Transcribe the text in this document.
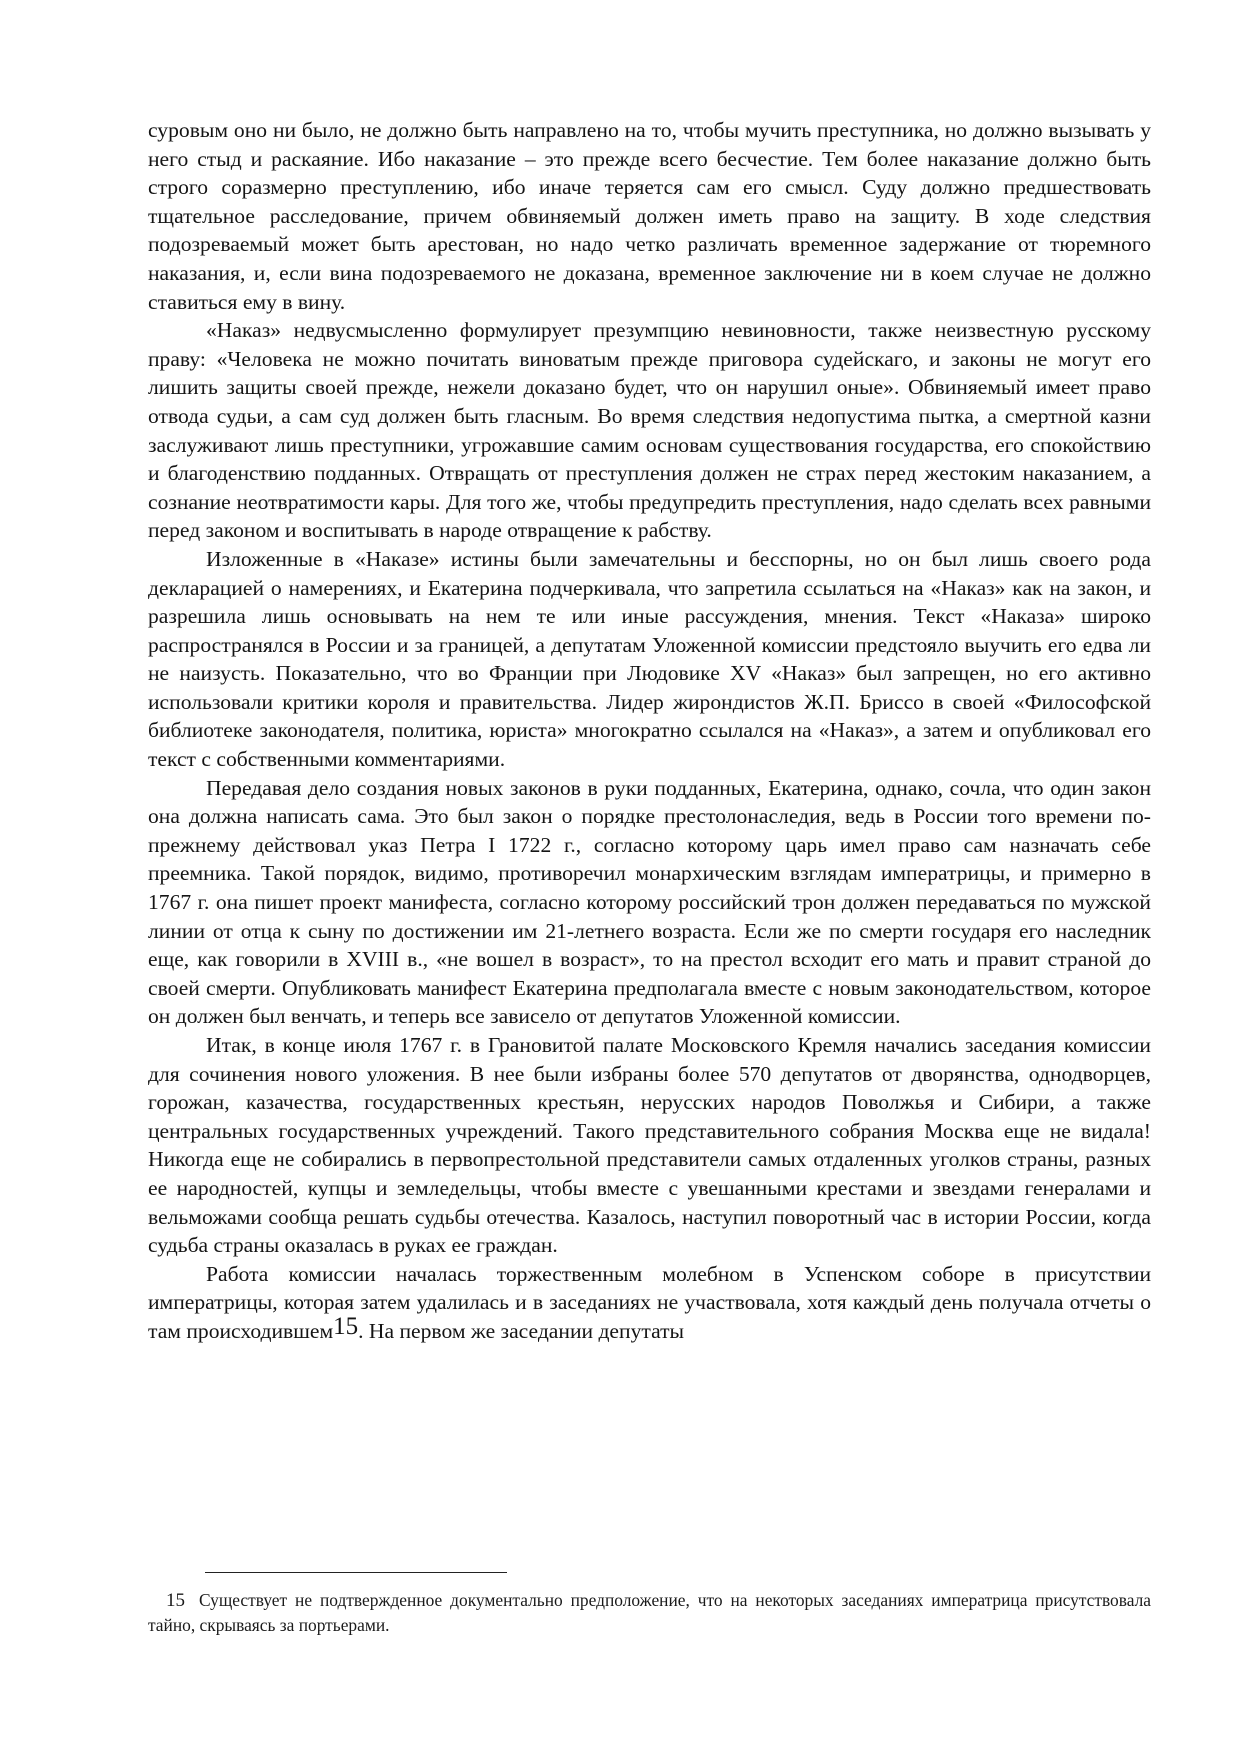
суровым оно ни было, не должно быть направлено на то, чтобы мучить преступника, но должно вызывать у него стыд и раскаяние. Ибо наказание – это прежде всего бесчестие. Тем более наказание должно быть строго соразмерно преступлению, ибо иначе теряется сам его смысл. Суду должно предшествовать тщательное расследование, причем обвиняемый должен иметь право на защиту. В ходе следствия подозреваемый может быть арестован, но надо четко различать временное задержание от тюремного наказания, и, если вина подозреваемого не доказана, временное заключение ни в коем случае не должно ставиться ему в вину.

«Наказ» недвусмысленно формулирует презумпцию невиновности, также неизвестную русскому праву: «Человека не можно почитать виноватым прежде приговора судейскаго, и законы не могут его лишить защиты своей прежде, нежели доказано будет, что он нарушил оные». Обвиняемый имеет право отвода судьи, а сам суд должен быть гласным. Во время следствия недопустима пытка, а смертной казни заслуживают лишь преступники, угрожавшие самим основам существования государства, его спокойствию и благоденствию подданных. Отвращать от преступления должен не страх перед жестоким наказанием, а сознание неотвратимости кары. Для того же, чтобы предупредить преступления, надо сделать всех равными перед законом и воспитывать в народе отвращение к рабству.

Изложенные в «Наказе» истины были замечательны и бесспорны, но он был лишь своего рода декларацией о намерениях, и Екатерина подчеркивала, что запретила ссылаться на «Наказ» как на закон, и разрешила лишь основывать на нем те или иные рассуждения, мнения. Текст «Наказа» широко распространялся в России и за границей, а депутатам Уложенной комиссии предстояло выучить его едва ли не наизусть. Показательно, что во Франции при Людовике XV «Наказ» был запрещен, но его активно использовали критики короля и правительства. Лидер жирондистов Ж.П. Бриссо в своей «Философской библиотеке законодателя, политика, юриста» многократно ссылался на «Наказ», а затем и опубликовал его текст с собственными комментариями.

Передавая дело создания новых законов в руки подданных, Екатерина, однако, сочла, что один закон она должна написать сама. Это был закон о порядке престолонаследия, ведь в России того времени по-прежнему действовал указ Петра I 1722 г., согласно которому царь имел право сам назначать себе преемника. Такой порядок, видимо, противоречил монархическим взглядам императрицы, и примерно в 1767 г. она пишет проект манифеста, согласно которому российский трон должен передаваться по мужской линии от отца к сыну по достижении им 21-летнего возраста. Если же по смерти государя его наследник еще, как говорили в XVIII в., «не вошел в возраст», то на престол всходит его мать и правит страной до своей смерти. Опубликовать манифест Екатерина предполагала вместе с новым законодательством, которое он должен был венчать, и теперь все зависело от депутатов Уложенной комиссии.

Итак, в конце июля 1767 г. в Грановитой палате Московского Кремля начались заседания комиссии для сочинения нового уложения. В нее были избраны более 570 депутатов от дворянства, однодворцев, горожан, казачества, государственных крестьян, нерусских народов Поволжья и Сибири, а также центральных государственных учреждений. Такого представительного собрания Москва еще не видала! Никогда еще не собирались в первопрестольной представители самых отдаленных уголков страны, разных ее народностей, купцы и земледельцы, чтобы вместе с увешанными крестами и звездами генералами и вельможами сообща решать судьбы отечества. Казалось, наступил поворотный час в истории России, когда судьба страны оказалась в руках ее граждан.

Работа комиссии началась торжественным молебном в Успенском соборе в присутствии императрицы, которая затем удалилась и в заседаниях не участвовала, хотя каждый день получала отчеты о там происходившем15. На первом же заседании депутаты

15 Существует не подтвержденное документально предположение, что на некоторых заседаниях императрица присутствовала тайно, скрываясь за портьерами.
